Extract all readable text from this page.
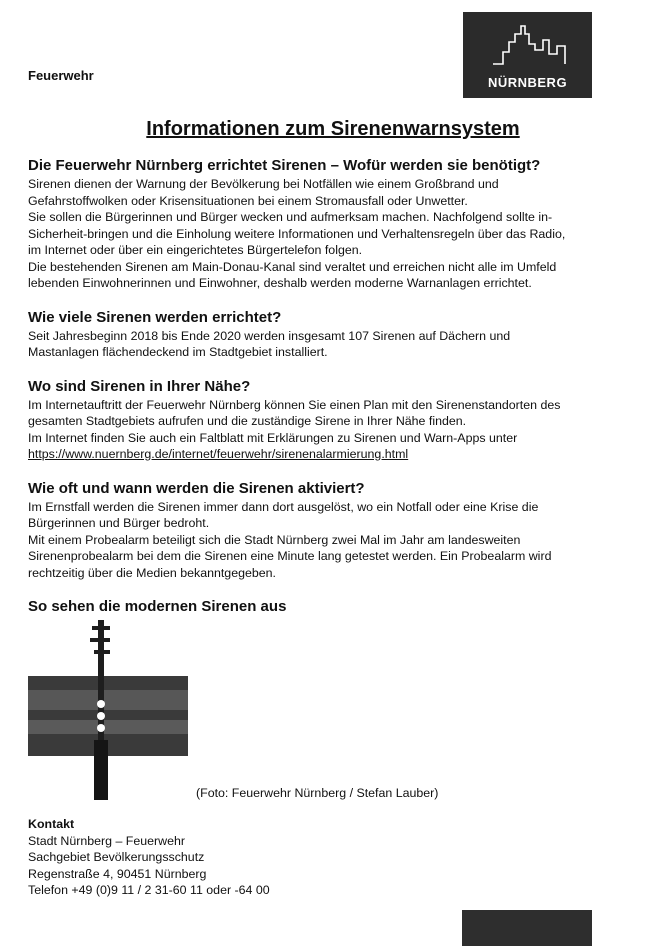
Feuerwehr	NÜRNBERG
Informationen zum Sirenenwarnsystem
Die Feuerwehr Nürnberg errichtet Sirenen – Wofür werden sie benötigt?

Sirenen dienen der Warnung der Bevölkerung bei Notfällen wie einem Großbrand und
Gefahrstoffwolken oder Krisensituationen bei einem Stromausfall oder Unwetter.
Sie sollen die Bürgerinnen und Bürger wecken und aufmerksam machen. Nachfolgend sollte in-
Sicherheit-bringen und die Einholung weitere Informationen und Verhaltensregeln über das Radio,
im Internet oder über ein eingerichtetes Bürgertelefon folgen.
Die bestehenden Sirenen am Main-Donau-Kanal sind veraltet und erreichen nicht alle im Umfeld
lebenden Einwohnerinnen und Einwohner, deshalb werden moderne Warnanlagen errichtet.

Wie viele Sirenen werden errichtet?

Seit Jahresbeginn 2018 bis Ende 2020 werden insgesamt 107 Sirenen auf Dächern und
Mastanlagen flächendeckend im Stadtgebiet installiert.

Wo sind Sirenen in Ihrer Nähe?

Im Internetauftritt der Feuerwehr Nürnberg können Sie einen Plan mit den Sirenenstandorten des
gesamten Stadtgebiets aufrufen und die zuständige Sirene in Ihrer Nähe finden.
Im Internet finden Sie auch ein Faltblatt mit Erklärungen zu Sirenen und Warn-Apps unter
https://www.nuernberg.de/internet/feuerwehr/sirenenalarmierung.html

Wie oft und wann werden die Sirenen aktiviert?

Im Ernstfall werden die Sirenen immer dann dort ausgelöst, wo ein Notfall oder eine Krise die
Bürgerinnen und Bürger bedroht.
Mit einem Probealarm beteiligt sich die Stadt Nürnberg zwei Mal im Jahr am landesweiten
Sirenenprobealarm bei dem die Sirenen eine Minute lang getestet werden. Ein Probealarm wird
rechtzeitig über die Medien bekanntgegeben.

So sehen die modernen Sirenen aus
(Foto: Feuerwehr Nürnberg / Stefan Lauber)
Kontakt
Stadt Nürnberg – Feuerwehr
Sachgebiet Bevölkerungsschutz
Regenstraße 4, 90451 Nürnberg
Telefon +49 (0)9 11 / 2 31-60 11 oder -64 00
